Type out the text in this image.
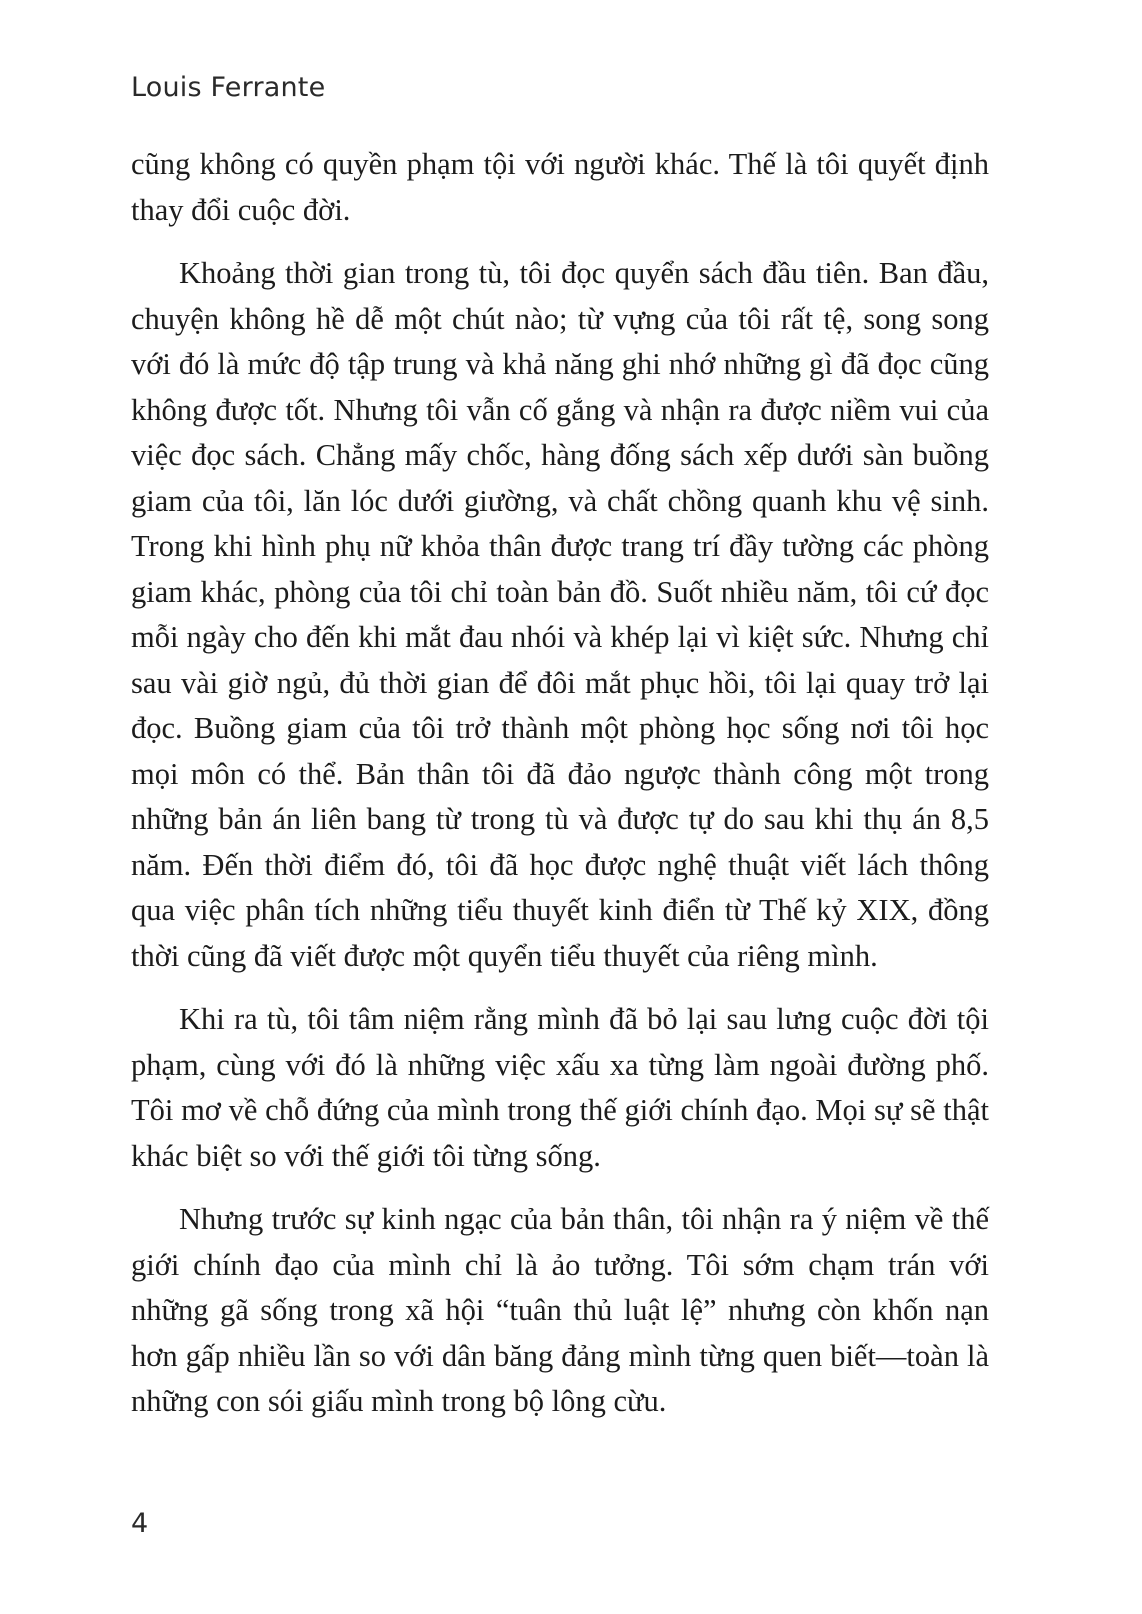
Louis Ferrante

cũng không có quyền phạm tội với người khác. Thế là tôi quyết định thay đổi cuộc đời.

Khoảng thời gian trong tù, tôi đọc quyển sách đầu tiên. Ban đầu, chuyện không hề dễ một chút nào; từ vựng của tôi rất tệ, song song với đó là mức độ tập trung và khả năng ghi nhớ những gì đã đọc cũng không được tốt. Nhưng tôi vẫn cố gắng và nhận ra được niềm vui của việc đọc sách. Chẳng mấy chốc, hàng đống sách xếp dưới sàn buồng giam của tôi, lăn lóc dưới giường, và chất chồng quanh khu vệ sinh. Trong khi hình phụ nữ khỏa thân được trang trí đầy tường các phòng giam khác, phòng của tôi chỉ toàn bản đồ. Suốt nhiều năm, tôi cứ đọc mỗi ngày cho đến khi mắt đau nhói và khép lại vì kiệt sức. Nhưng chỉ sau vài giờ ngủ, đủ thời gian để đôi mắt phục hồi, tôi lại quay trở lại đọc. Buồng giam của tôi trở thành một phòng học sống nơi tôi học mọi môn có thể. Bản thân tôi đã đảo ngược thành công một trong những bản án liên bang từ trong tù và được tự do sau khi thụ án 8,5 năm. Đến thời điểm đó, tôi đã học được nghệ thuật viết lách thông qua việc phân tích những tiểu thuyết kinh điển từ Thế kỷ XIX, đồng thời cũng đã viết được một quyển tiểu thuyết của riêng mình.

Khi ra tù, tôi tâm niệm rằng mình đã bỏ lại sau lưng cuộc đời tội phạm, cùng với đó là những việc xấu xa từng làm ngoài đường phố. Tôi mơ về chỗ đứng của mình trong thế giới chính đạo. Mọi sự sẽ thật khác biệt so với thế giới tôi từng sống.

Nhưng trước sự kinh ngạc của bản thân, tôi nhận ra ý niệm về thế giới chính đạo của mình chỉ là ảo tưởng. Tôi sớm chạm trán với những gã sống trong xã hội “tuân thủ luật lệ” nhưng còn khốn nạn hơn gấp nhiều lần so với dân băng đảng mình từng quen biết—toàn là những con sói giấu mình trong bộ lông cừu.

4
